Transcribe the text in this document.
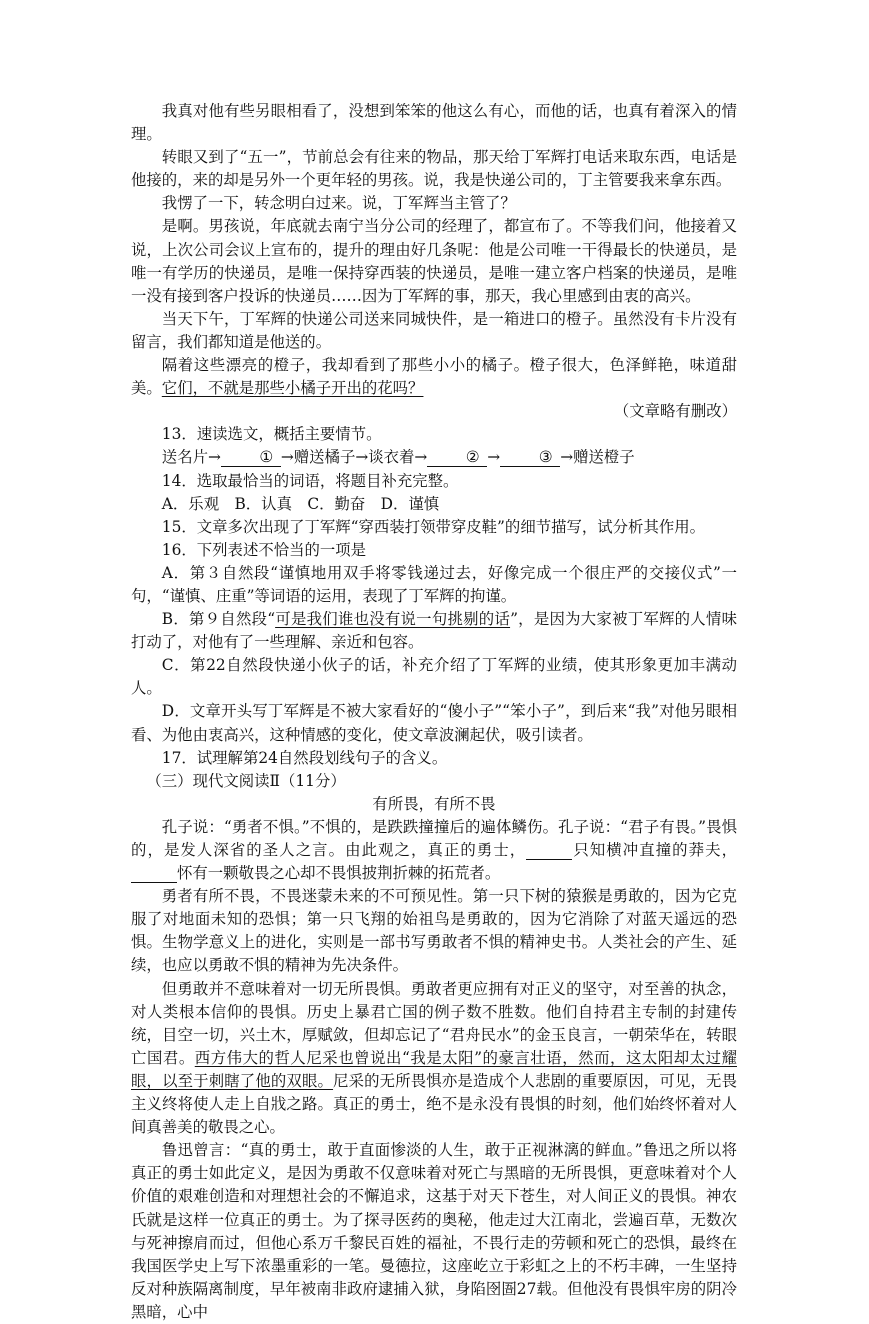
我真对他有些另眼相看了，没想到笨笨的他这么有心，而他的话，也真有着深入的情理。

转眼又到了“五一”，节前总会有往来的物品，那天给丁军辉打电话来取东西，电话是他接的，来的却是另外一个更年轻的男孩。说，我是快递公司的，丁主管要我来拿东西。

我愣了一下，转念明白过来。说，丁军辉当主管了？

是啊。男孩说，年底就去南宁当分公司的经理了，都宣布了。不等我们问，他接着又说，上次公司会议上宣布的，提升的理由好几条呢：他是公司唯一干得最长的快递员，是唯一有学历的快递员，是唯一保持穿西装的快递员，是唯一建立客户档案的快递员，是唯一没有接到客户投诉的快递员……因为丁军辉的事，那天，我心里感到由衷的高兴。

当天下午，丁军辉的快递公司送来同城快件，是一箱进口的橙子。虽然没有卡片没有留言，我们都知道是他送的。

隔着这些漂亮的橙子，我却看到了那些小小的橘子。橙子很大，色泽鲜艳，味道甜美。它们，不就是那些小橘子开出的花吗？

（文章略有删改）

13．速读选文，概括主要情节。

送名片→ ① →赠送橘子→谈衣着→ ② → ③ →赠送橙子

14．选取最恰当的词语，将题目补充完整。

A．乐观　B．认真　C．勤奋　D．谨慎

15．文章多次出现了丁军辉“穿西装打领带穿皮鞋”的细节描写，试分析其作用。

16．下列表述不恰当的一项是

A．第３自然段“谨慎地用双手将零钱递过去，好像完成一个很庄严的交接仪式”一句，“谨慎、庄重”等词语的运用，表现了丁军辉的拘谨。

B．第９自然段“可是我们谁也没有说一句挑剔的话”，是因为大家被丁军辉的人情味打动了，对他有了一些理解、亲近和包容。

C．第22自然段快递小伙子的话，补充介绍了丁军辉的业绩，使其形象更加丰满动人。

D．文章开头写丁军辉是不被大家看好的“傻小子”“笨小子”，到后来“我”对他另眼相看、为他由衷高兴，这种情感的变化，使文章波澜起伏，吸引读者。

17．试理解第24自然段划线句子的含义。

（三）现代文阅读Ⅱ（11分）

有所畏，有所不畏

孔子说：“勇者不惧。”不惧的，是跌跌撞撞后的遍体鳞伤。孔子说：“君子有畏。”畏惧的，是发人深省的圣人之言。由此观之，真正的勇士，	只知横冲直撞的莽夫，怀有一颗敬畏之心却不畏惧披荆折棘的拓荒者。

勇者有所不畏，不畏迷蒙未来的不可预见性。第一只下树的猿猴是勇敢的，因为它克服了对地面未知的恐惧；第一只飞翔的始祖鸟是勇敢的，因为它消除了对蓝天遥远的恐惧。生物学意义上的进化，实则是一部书写勇敢者不惧的精神史书。人类社会的产生、延续，也应以勇敢不惧的精神为先决条件。

但勇敢并不意味着对一切无所畏惧。勇敢者更应拥有对正义的坚守，对至善的执念，对人类根本信仰的畏惧。历史上暴君亡国的例子数不胜数。他们自持君主专制的封建传统，目空一切，兴土木，厚赋敛，但却忘记了“君舟民水”的金玉良言，一朝荣华在，转眼亡国君。西方伟大的哲人尼采也曾说出“我是太阳”的豪言壮语，然而，这太阳却太过耀眼，以至于刺瞎了他的双眼。尼采的无所畏惧亦是造成个人悲剧的重要原因，可见，无畏主义终将使人走上自戕之路。真正的勇士，绝不是永没有畏惧的时刻，他们始终怀着对人间真善美的敬畏之心。

鲁迅曾言：“真的勇士，敢于直面惨淡的人生，敢于正视淋漓的鲜血。”鲁迅之所以将真正的勇士如此定义，是因为勇敢不仅意味着对死亡与黑暗的无所畏惧，更意味着对个人价值的艰难创造和对理想社会的不懈追求，这基于对天下苍生，对人间正义的畏惧。神农氏就是这样一位真正的勇士。为了探寻医药的奥秘，他走过大江南北，尝遍百草，无数次与死神擦肩而过，但他心系万千黎民百姓的福祉，不畏行走的劳顿和死亡的恐惧，最终在我国医学史上写下浓墨重彩的一笔。曼德拉，这座屹立于彩虹之上的不朽丰碑，一生坚持反对种族隔离制度，早年被南非政府逮捕入狱，身陷囹圄27载。但他没有畏惧牢房的阴冷黑暗，心中
